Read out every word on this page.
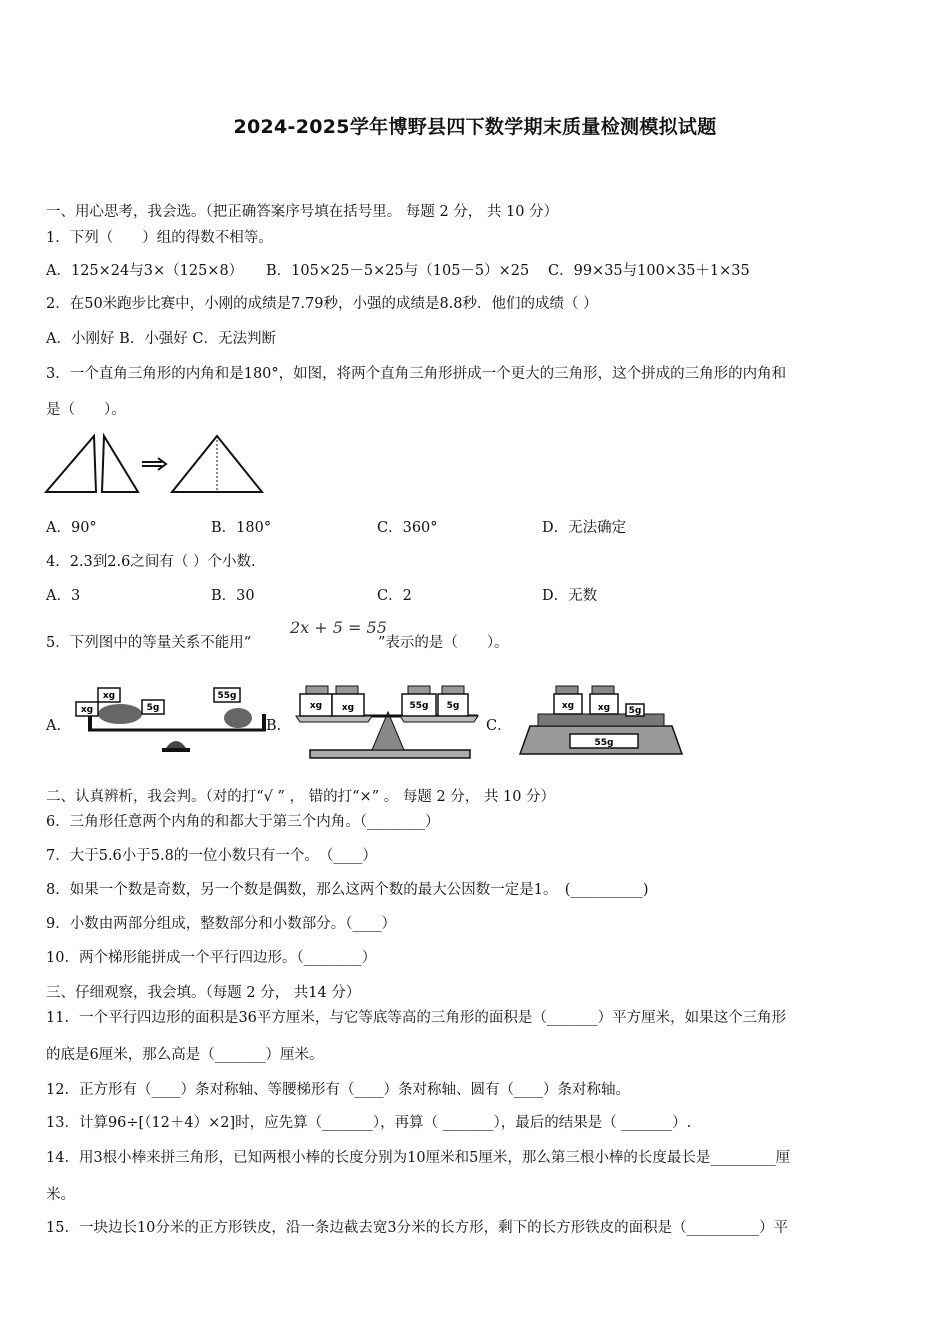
2024-2025学年博野县四下数学期末质量检测模拟试题
一、用心思考，我会选。（把正确答案序号填在括号里。 每题 2 分， 共 10 分）
1．下列（　　）组的得数不相等。
A．125×24与3×（125×8） B．105×25－5×25与（105－5）×25 C．99×35与100×35＋1×35
2．在50米跑步比赛中，小刚的成绩是7.79秒，小强的成绩是8.8秒．他们的成绩（ ）
A．小刚好 B．小强好 C．无法判断
3．一个直角三角形的内角和是180°，如图，将两个直角三角形拼成一个更大的三角形，这个拼成的三角形的内角和
是（　　）。
A．90°	B．180°	C．360°	D．无法确定
4．2.3到2.6之间有（ ）个小数.
A．3	B．30	C．2	D．无数
5．下列图中的等量关系不能用“
2x + 5 = 55
”表示的是（　　）。
A．	B．	C．
xg
xg
5g
55g
xg xg	55g 5g	xg	xg 5g
55g
二、认真辨析，我会判。（对的打“√ ” ， 错的打“×” 。 每题 2 分， 共 10 分）
6．三角形任意两个内角的和都大于第三个内角。（________）
7．大于5.6小于5.8的一位小数只有一个。　（____）
8．如果一个数是奇数，另一个数是偶数，那么这两个数的最大公因数一定是1。　(__________)
9．小数由两部分组成，整数部分和小数部分。（____）
10．两个梯形能拼成一个平行四边形。（________）
三、仔细观察，我会填。（每题 2 分， 共14 分）
11．一个平行四边形的面积是36平方厘米，与它等底等高的三角形的面积是（_______）平方厘米，如果这个三角形
的底是6厘米，那么高是（_______）厘米。
12．正方形有（____）条对称轴、等腰梯形有（____）条对称轴、圆有（____）条对称轴。
13．计算96÷[（12＋4）×2]时，应先算（_______），再算（ _______），最后的结果是（ _______）.
14．用3根小棒来拼三角形，已知两根小棒的长度分别为10厘米和5厘米，那么第三根小棒的长度最长是_________厘
米。
15．一块边长10分米的正方形铁皮，沿一条边截去宽3分米的长方形，剩下的长方形铁皮的面积是（__________）平
